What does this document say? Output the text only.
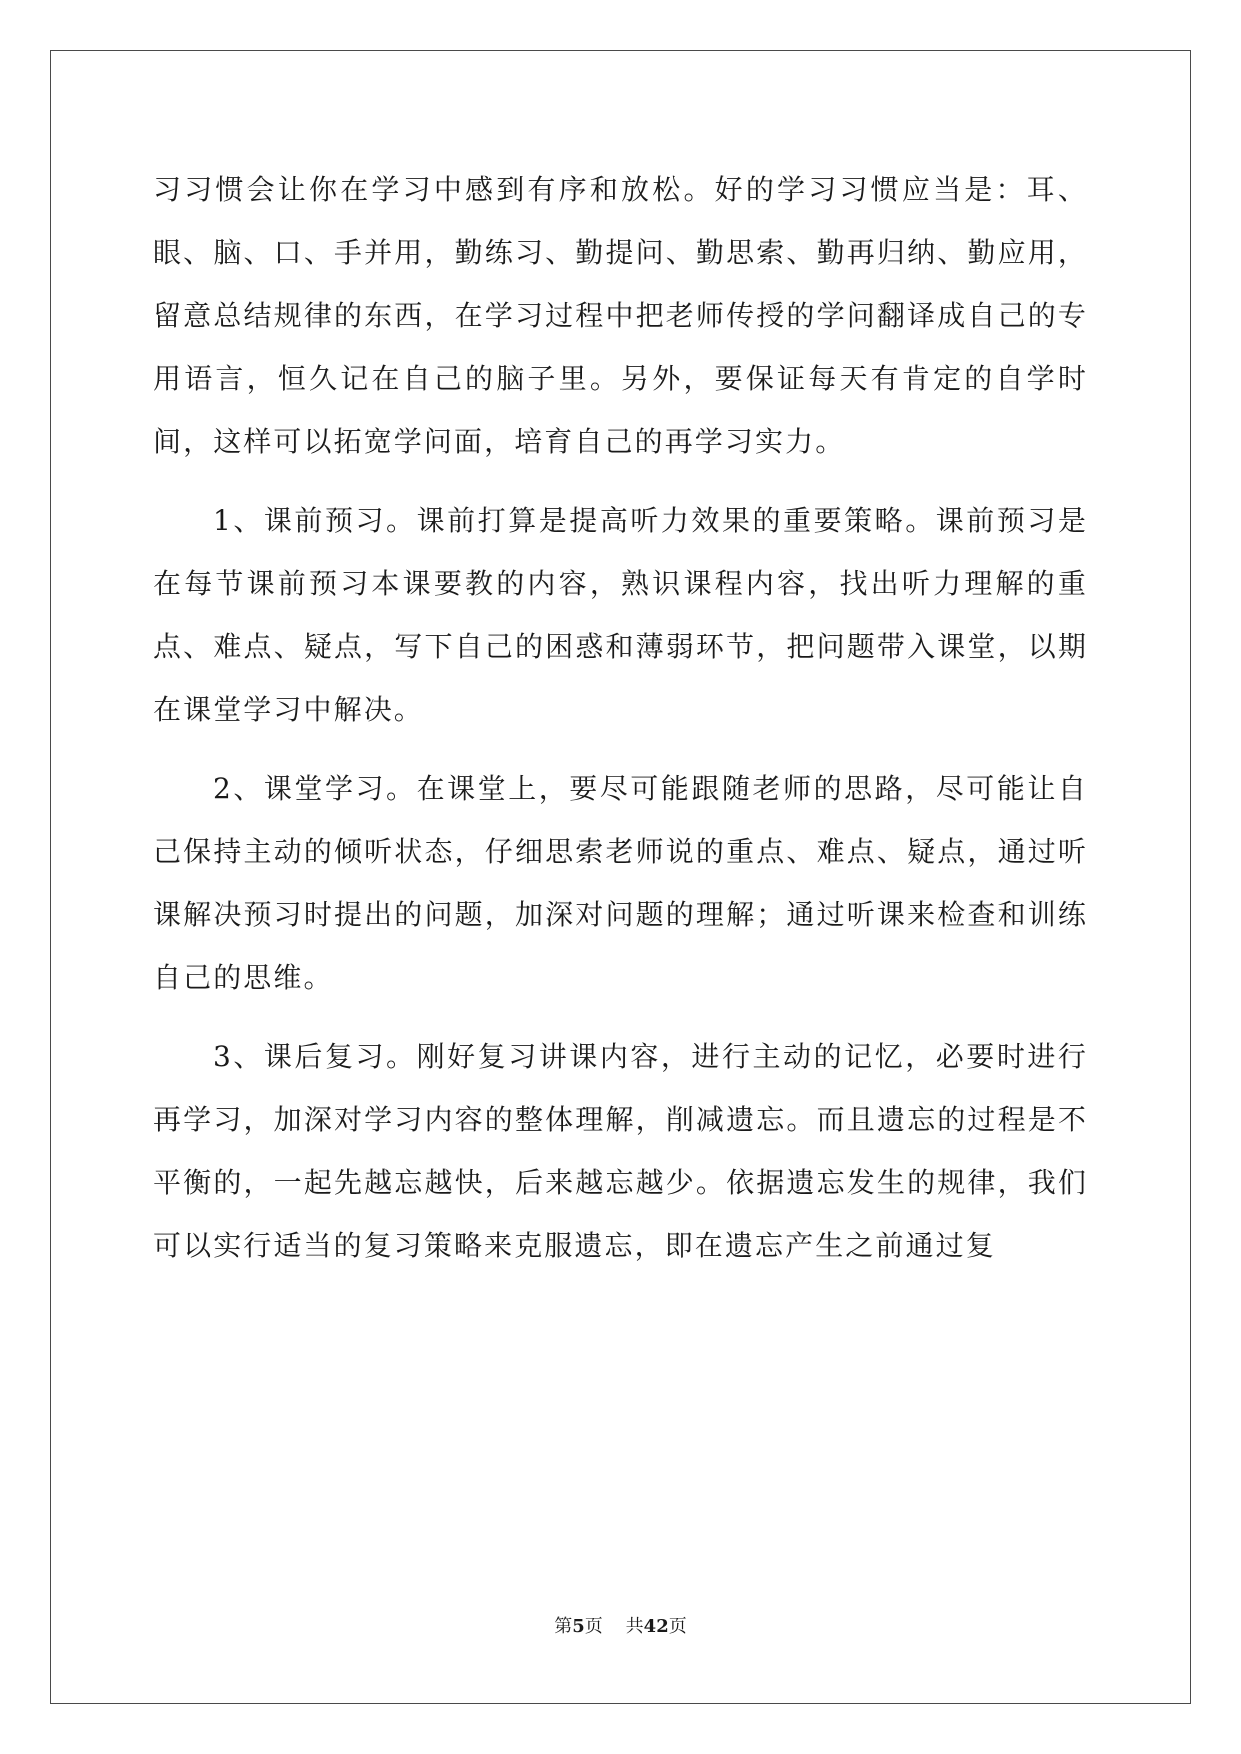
习习惯会让你在学习中感到有序和放松。好的学习习惯应当是：耳、眼、脑、口、手并用，勤练习、勤提问、勤思索、勤再归纳、勤应用，留意总结规律的东西，在学习过程中把老师传授的学问翻译成自己的专用语言，恒久记在自己的脑子里。另外，要保证每天有肯定的自学时间，这样可以拓宽学问面，培育自己的再学习实力。

1、课前预习。课前打算是提高听力效果的重要策略。课前预习是在每节课前预习本课要教的内容，熟识课程内容，找出听力理解的重点、难点、疑点，写下自己的困惑和薄弱环节，把问题带入课堂，以期在课堂学习中解决。

2、课堂学习。在课堂上，要尽可能跟随老师的思路，尽可能让自己保持主动的倾听状态，仔细思索老师说的重点、难点、疑点，通过听课解决预习时提出的问题，加深对问题的理解；通过听课来检查和训练自己的思维。

3、课后复习。刚好复习讲课内容，进行主动的记忆，必要时进行再学习，加深对学习内容的整体理解，削减遗忘。而且遗忘的过程是不平衡的，一起先越忘越快，后来越忘越少。依据遗忘发生的规律，我们可以实行适当的复习策略来克服遗忘，即在遗忘产生之前通过复

第5页 共42页
